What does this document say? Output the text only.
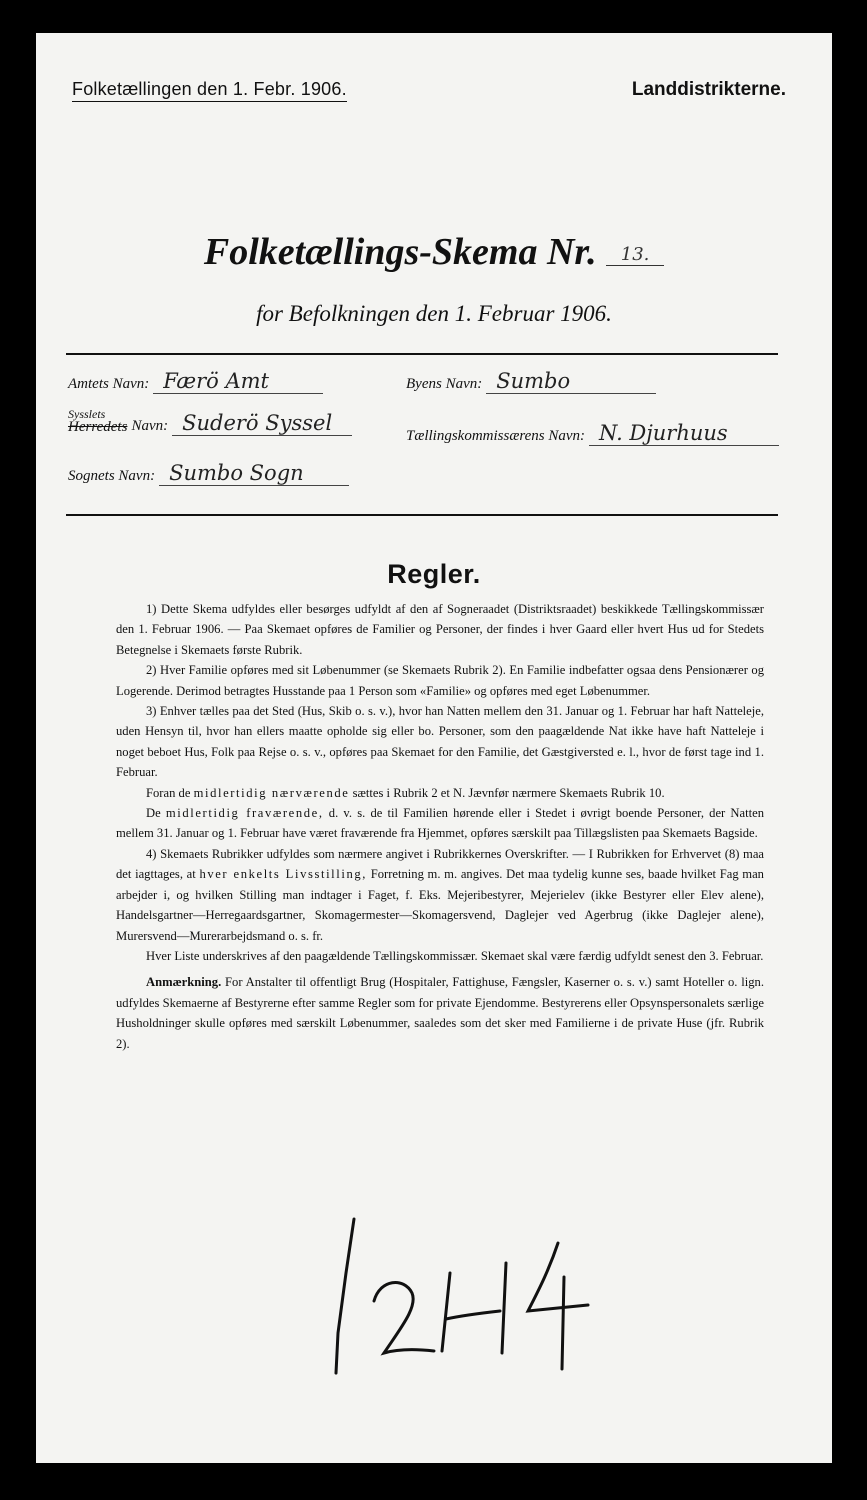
Folketællingen den 1. Febr. 1906.	Landdistrikterne.
Folketællings-Skema Nr. 13.
for Befolkningen den 1. Februar 1906.
Amtets Navn: Færö Amt	Byens Navn: Sumbo
Sysslets
Herredets Navn: Suderö Syssel
Tællingskommissærens Navn: N. Djurhuus
Sognets Navn: Sumbo Sogn
Regler.

1) Dette Skema udfyldes eller besørges udfyldt af den af Sogneraadet (Distriktsraadet) beskikkede Tællingskommissær den 1. Februar 1906. — Paa Skemaet opføres de Familier og Personer, der findes i hver Gaard eller hvert Hus ud for Stedets Betegnelse i Skemaets første Rubrik.

2) Hver Familie opføres med sit Løbenummer (se Skemaets Rubrik 2). En Familie indbefatter ogsaa dens Pensionærer og Logerende. Derimod betragtes Husstande paa 1 Person som «Familie» og opføres med eget Løbenummer.

3) Enhver tælles paa det Sted (Hus, Skib o. s. v.), hvor han Natten mellem den 31. Januar og 1. Februar har haft Natteleje, uden Hensyn til, hvor han ellers maatte opholde sig eller bo. Personer, som den paagældende Nat ikke have haft Natteleje i noget beboet Hus, Folk paa Rejse o. s. v., opføres paa Skemaet for den Familie, det Gæstgiversted e. l., hvor de først tage ind 1. Februar.

Foran de midlertidig nærværende sættes i Rubrik 2 et N. Jævnfør nærmere Skemaets Rubrik 10.

De midlertidig fraværende, d. v. s. de til Familien hørende eller i Stedet i øvrigt boende Personer, der Natten mellem 31. Januar og 1. Februar have været fraværende fra Hjemmet, opføres særskilt paa Tillægslisten paa Skemaets Bagside.

4) Skemaets Rubrikker udfyldes som nærmere angivet i Rubrikkernes Overskrifter. — I Rubrikken for Erhvervet (8) maa det iagttages, at hver enkelts Livsstilling, Forretning m. m. angives. Det maa tydelig kunne ses, baade hvilket Fag man arbejder i, og hvilken Stilling man indtager i Faget, f. Eks. Mejeribestyrer, Mejerielev (ikke Bestyrer eller Elev alene), Handelsgartner—Herregaardsgartner, Skomagermester—Skomagersvend, Daglejer ved Agerbrug (ikke Daglejer alene), Murersvend—Murerarbejdsmand o. s. fr.

Hver Liste underskrives af den paagældende Tællingskommissær. Skemaet skal være færdig udfyldt senest den 3. Februar.

Anmærkning. For Anstalter til offentligt Brug (Hospitaler, Fattighuse, Fængsler, Kaserner o. s. v.) samt Hoteller o. lign. udfyldes Skemaerne af Bestyrerne efter samme Regler som for private Ejendomme. Bestyrerens eller Opsynspersonalets særlige Husholdninger skulle opføres med særskilt Løbenummer, saaledes som det sker med Familierne i de private Huse (jfr. Rubrik 2).
